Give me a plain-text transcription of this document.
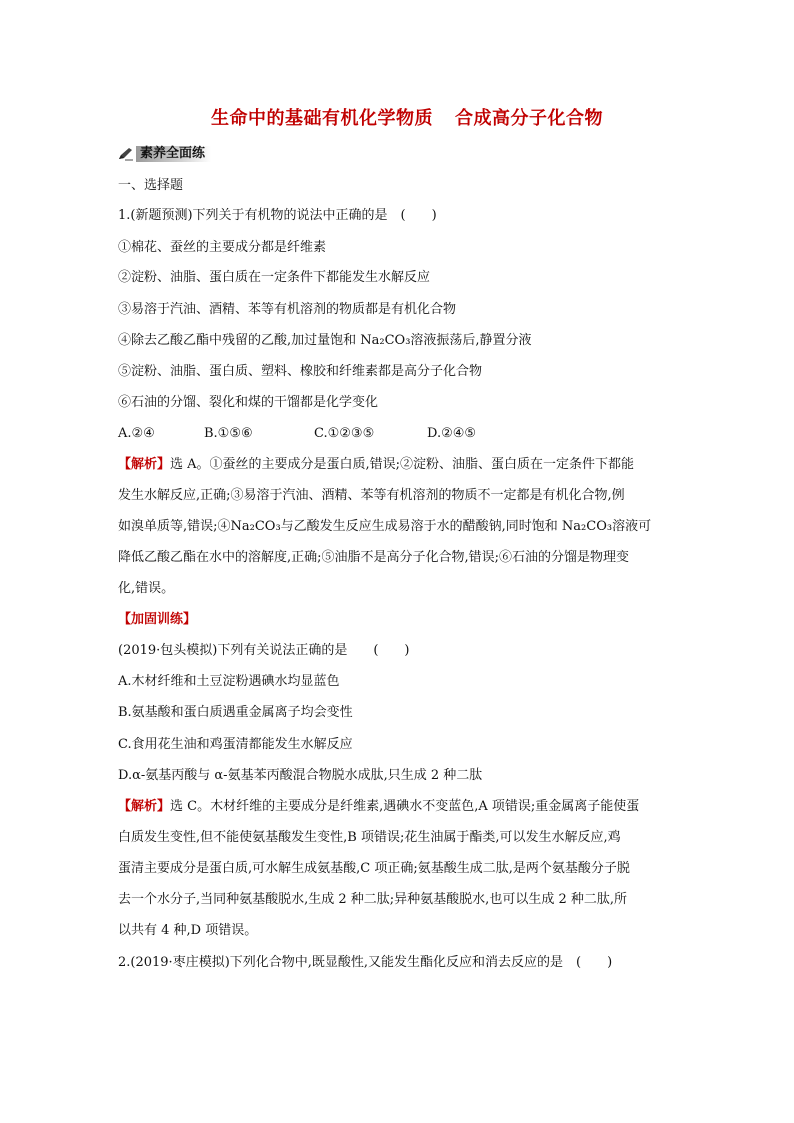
生命中的基础有机化学物质 合成高分子化合物
素养全面练
一、选择题
1.(新题预测)下列关于有机物的说法中正确的是　(　　)
①棉花、蚕丝的主要成分都是纤维素
②淀粉、油脂、蛋白质在一定条件下都能发生水解反应
③易溶于汽油、酒精、苯等有机溶剂的物质都是有机化合物
④除去乙酸乙酯中残留的乙酸,加过量饱和 Na₂CO₃溶液振荡后,静置分液
⑤淀粉、油脂、蛋白质、塑料、橡胶和纤维素都是高分子化合物
⑥石油的分馏、裂化和煤的干馏都是化学变化
A.②④	B.①⑤⑥	C.①②③⑤	D.②④⑤
【解析】选 A。①蚕丝的主要成分是蛋白质,错误;②淀粉、油脂、蛋白质在一定条件下都能
发生水解反应,正确;③易溶于汽油、酒精、苯等有机溶剂的物质不一定都是有机化合物,例
如溴单质等,错误;④Na₂CO₃与乙酸发生反应生成易溶于水的醋酸钠,同时饱和 Na₂CO₃溶液可
降低乙酸乙酯在水中的溶解度,正确;⑤油脂不是高分子化合物,错误;⑥石油的分馏是物理变
化,错误。
【加固训练】
(2019·包头模拟)下列有关说法正确的是　　(　　)
A.木材纤维和土豆淀粉遇碘水均显蓝色
B.氨基酸和蛋白质遇重金属离子均会变性
C.食用花生油和鸡蛋清都能发生水解反应
D.α-氨基丙酸与 α-氨基苯丙酸混合物脱水成肽,只生成 2 种二肽
【解析】选 C。木材纤维的主要成分是纤维素,遇碘水不变蓝色,A 项错误;重金属离子能使蛋
白质发生变性,但不能使氨基酸发生变性,B 项错误;花生油属于酯类,可以发生水解反应,鸡
蛋清主要成分是蛋白质,可水解生成氨基酸,C 项正确;氨基酸生成二肽,是两个氨基酸分子脱
去一个水分子,当同种氨基酸脱水,生成 2 种二肽;异种氨基酸脱水,也可以生成 2 种二肽,所
以共有 4 种,D 项错误。
2.(2019·枣庄模拟)下列化合物中,既显酸性,又能发生酯化反应和消去反应的是　(　　)
